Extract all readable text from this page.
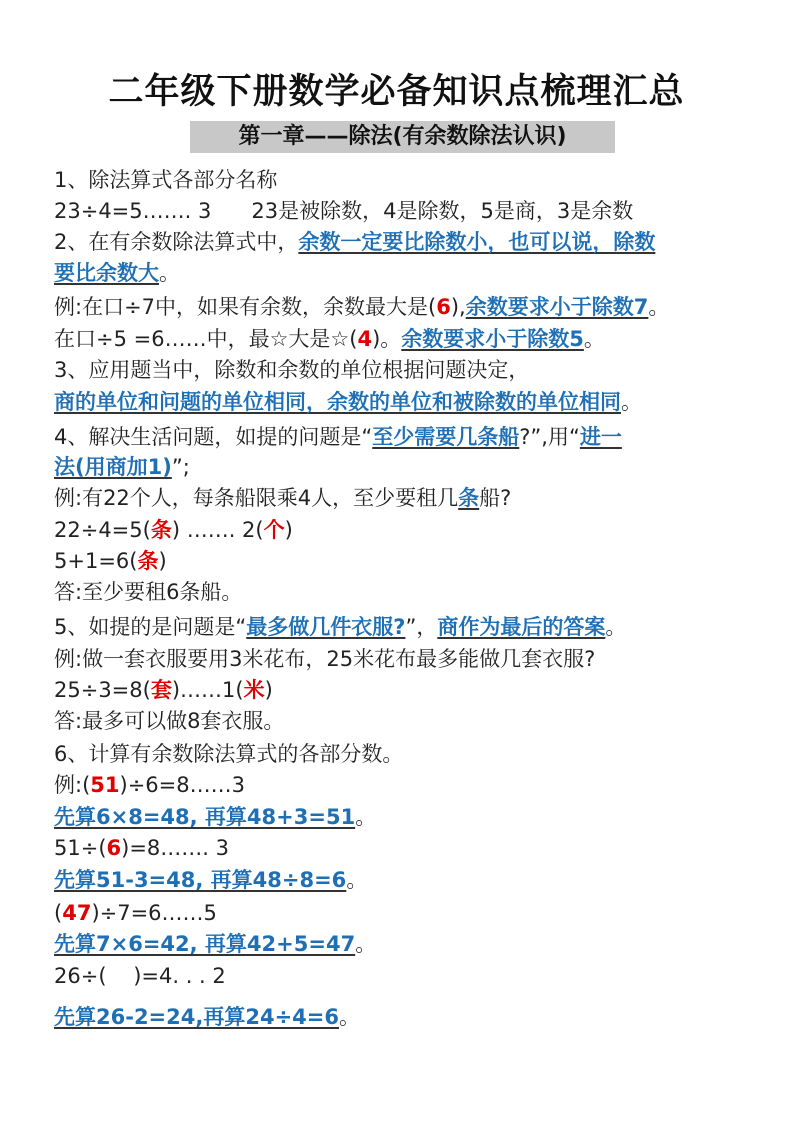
二年级下册数学必备知识点梳理汇总
第一章——除法(有余数除法认识)
1、除法算式各部分名称
23÷4=5……. 3      23是被除数，4是除数，5是商，3是余数
2、在有余数除法算式中，余数一定要比除数小，也可以说，除数
要比余数大。
例:在口÷7中，如果有余数，余数最大是(6),余数要求小于除数7。
在口÷5 =6……中，最☆大是☆(4)。余数要求小于除数5。
3、应用题当中，除数和余数的单位根据问题决定，
商的单位和问题的单位相同，余数的单位和被除数的单位相同。
4、解决生活问题，如提的问题是“至少需要几条船?”,用“进一
法(用商加1)”;
例:有22个人，每条船限乘4人，至少要租几条船?
22÷4=5(条) ……. 2(个)
5+1=6(条)
答:至少要租6条船。
5、如提的是问题是“最多做几件衣服?”，商作为最后的答案。
例:做一套衣服要用3米花布，25米花布最多能做几套衣服?
25÷3=8(套)……1(米)
答:最多可以做8套衣服。
6、计算有余数除法算式的各部分数。
例:(51)÷6=8……3
先算6×8=48, 再算48+3=51。
51÷(6)=8……. 3
先算51-3=48, 再算48÷8=6。
(47)÷7=6……5
先算7×6=42, 再算42+5=47。
26÷(    )=4. . . 2
先算26-2=24,再算24÷4=6。
